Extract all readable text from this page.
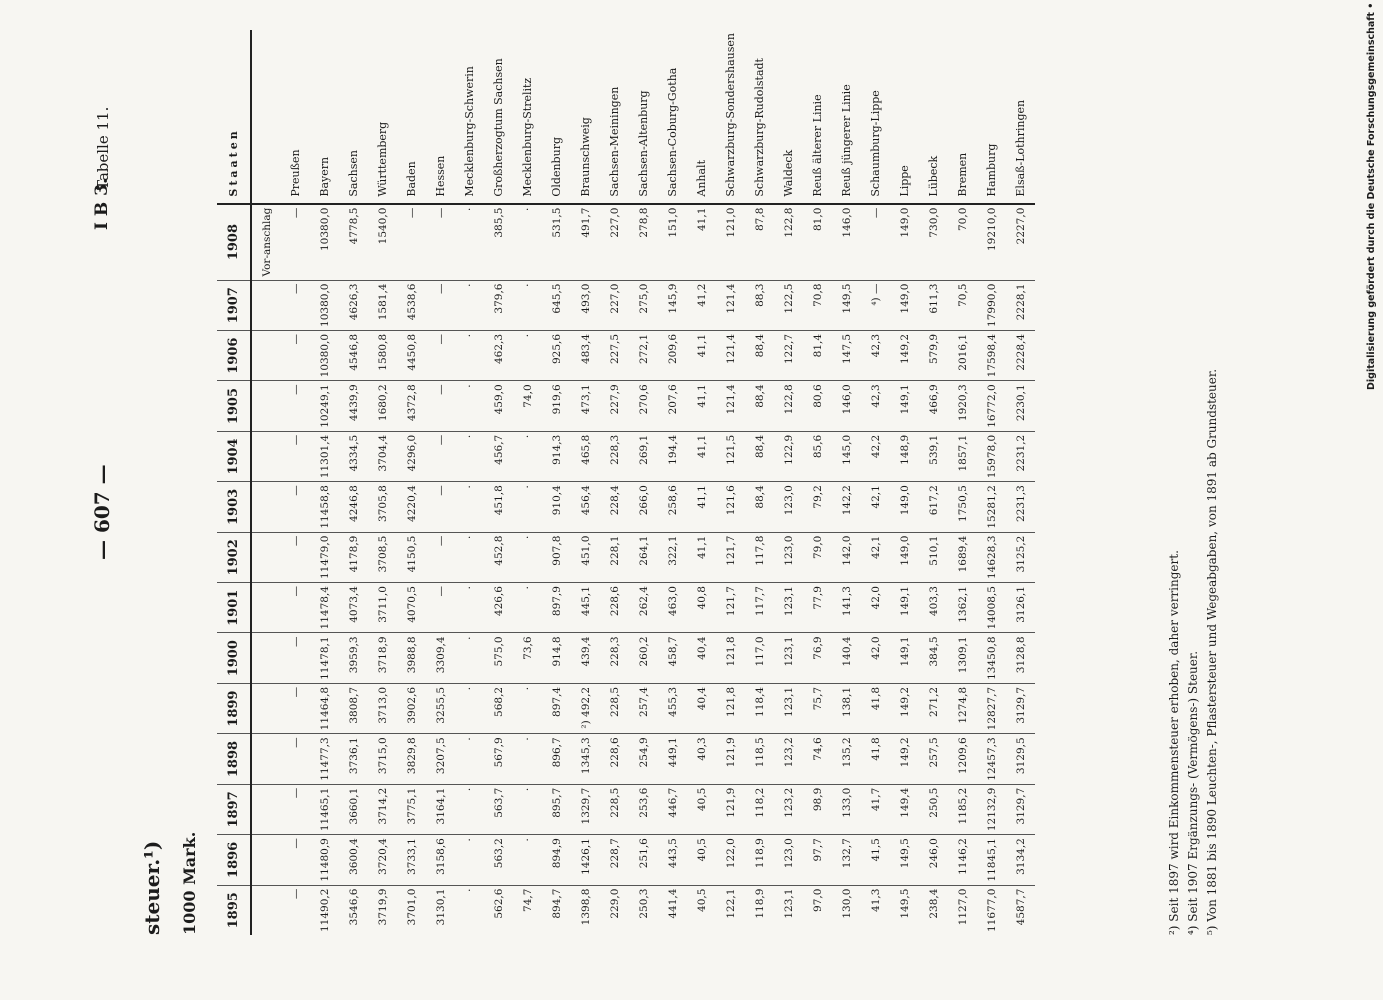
— 607 —
I B 3.
Tabelle 11.
steuer.¹) 1000 Mark. 1895	1896	1897	1898	1899	1900	1901	1902	1903	1904	1905	1906	1907	1908	Staaten
													Vor-anschlag	
—	—	—	—	—	—	—	—	—	—	—	—	—	—	Preußen
11490,2	11480,9	11465,1	11477,3	11464,8	11478,1	11478,4	11479,0	11458,8	11301,4	10249,1	10380,0	10380,0	10380,0	Bayern
3546,6	3600,4	3660,1	3736,1	3808,7	3959,3	4073,4	4178,9	4246,8	4334,5	4439,9	4546,8	4626,3	4778,5	Sachsen
3719,9	3720,4	3714,2	3715,0	3713,0	3718,9	3711,0	3708,5	3705,8	3704,4	1680,2	1580,8	1581,4	1540,0	Württemberg
3701,0	3733,1	3775,1	3829,8	3902,6	3988,8	4070,5	4150,5	4220,4	4296,0	4372,8	4450,8	4538,6	—	Baden
3130,1	3158,6	3164,1	3207,5	3255,5	3309,4	—	—	—	—	—	—	—	—	Hessen
·	·	·	·	·	·	·	·	·	·	·	·	·	·	Mecklenburg-Schwerin
562,6	563,2	563,7	567,9	568,2	575,0	426,6	452,8	451,8	456,7	459,0	462,3	379,6	385,5	Großherzogtum Sachsen
74,7	·	·	·	·	73,6	·	·	·	·	74,0	·	·	·	Mecklenburg-Strelitz
894,7	894,9	895,7	896,7	897,4	914,8	897,9	907,8	910,4	914,3	919,6	925,6	645,5	531,5	Oldenburg
1398,8	1426,1	1329,7	1345,3	²) 492,2	439,4	445,1	451,0	456,4	465,8	473,1	483,4	493,0	491,7	Braunschweig
229,0	228,7	228,5	228,6	228,5	228,3	228,6	228,1	228,4	228,3	227,9	227,5	227,0	227,0	Sachsen-Meiningen
250,3	251,6	253,6	254,9	257,4	260,2	262,4	264,1	266,0	269,1	270,6	272,1	275,0	278,8	Sachsen-Altenburg
441,4	443,5	446,7	449,1	455,3	458,7	463,0	322,1	258,6	194,4	207,6	209,6	145,9	151,0	Sachsen-Coburg-Gotha
40,5	40,5	40,5	40,3	40,4	40,4	40,8	41,1	41,1	41,1	41,1	41,1	41,2	41,1	Anhalt
122,1	122,0	121,9	121,9	121,8	121,8	121,7	121,7	121,6	121,5	121,4	121,4	121,4	121,0	Schwarzburg-Sondershausen
118,9	118,9	118,2	118,5	118,4	117,0	117,7	117,8	88,4	88,4	88,4	88,4	88,3	87,8	Schwarzburg-Rudolstadt
123,1	123,0	123,2	123,2	123,1	123,1	123,1	123,0	123,0	122,9	122,8	122,7	122,5	122,8	Waldeck
97,0	97,7	98,9	74,6	75,7	76,9	77,9	79,0	79,2	85,6	80,6	81,4	70,8	81,0	Reuß älterer Linie
130,0	132,7	133,0	135,2	138,1	140,4	141,3	142,0	142,2	145,0	146,0	147,5	149,5	146,0	Reuß jüngerer Linie
41,3	41,5	41,7	41,8	41,8	42,0	42,0	42,1	42,1	42,2	42,3	42,3	⁴) —	—	Schaumburg-Lippe
149,5	149,5	149,4	149,2	149,2	149,1	149,1	149,0	149,0	148,9	149,1	149,2	149,0	149,0	Lippe
238,4	246,0	250,5	257,5	271,2	384,5	403,3	510,1	617,2	539,1	466,9	579,9	611,3	730,0	Lübeck
1127,0	1146,2	1185,2	1209,6	1274,8	1309,1	1362,1	1689,4	1750,5	1857,1	1920,3	2016,1	70,5	70,0	Bremen
11677,0	11845,1	12132,9	12457,3	12827,7	13450,8	14008,5	14628,3	15281,2	15978,0	16772,0	17598,4	17990,0	19210,0	Hamburg
4587,7	3134,2	3129,7	3129,5	3129,7	3128,8	3126,1	3125,2	2231,3	2231,2	2230,1	2228,4	2228,1	2227,0	Elsaß-Lothringen
²) Seit 1897 wird Einkommensteuer erhoben, daher verringert. ⁴) Seit 1907 Ergänzungs- (Vermögens-) Steuer. ⁵) Von 1881 bis 1890 Leuchten-, Pflastersteuer und Wegeabgaben, von 1891 ab Grundsteuer.
Digitalisierung gefördert durch die Deutsche Forschungsgemeinschaft •
